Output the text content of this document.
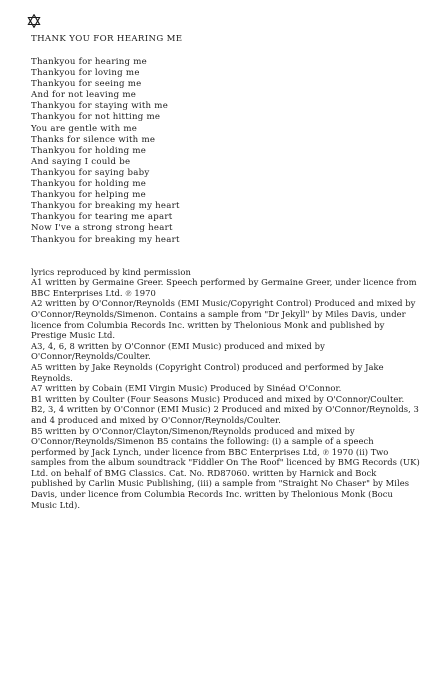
THANK YOU FOR HEARING ME
Thankyou for hearing me
Thankyou for loving me
Thankyou for seeing me
And for not leaving me
Thankyou for staying with me
Thankyou for not hitting me
You are gentle with me
Thanks for silence with me
Thankyou for holding me
And saying I could be
Thankyou for saying baby
Thankyou for holding me
Thankyou for helping me
Thankyou for breaking my heart
Thankyou for tearing me apart
Now I've a strong strong heart
Thankyou for breaking my heart

lyrics reproduced by kind permission

A1 written by Germaine Greer. Speech performed by Germaine Greer, under licence from BBC Enterprises Ltd. ℗ 1970

A2 written by O'Connor/Reynolds (EMI Music/Copyright Control) Produced and mixed by O'Connor/Reynolds/Simenon. Contains a sample from "Dr Jekyll" by Miles Davis, under licence from Columbia Records Inc. written by Thelonious Monk and published by Prestige Music Ltd.

A3, 4, 6, 8 written by O'Connor (EMI Music) produced and mixed by O'Connor/Reynolds/Coulter.

A5 written by Jake Reynolds (Copyright Control) produced and performed by Jake Reynolds.

A7 written by Cobain (EMI Virgin Music) Produced by Sinéad O'Connor.

B1 written by Coulter (Four Seasons Music) Produced and mixed by O'Connor/Coulter.

B2, 3, 4 written by O'Connor (EMI Music) 2 Produced and mixed by O'Connor/Reynolds, 3 and 4 produced and mixed by O'Connor/Reynolds/Coulter.

B5 written by O'Connor/Clayton/Simenon/Reynolds produced and mixed by O'Connor/Reynolds/Simenon B5 contains the following: (i) a sample of a speech performed by Jack Lynch, under licence from BBC Enterprises Ltd, ℗ 1970 (ii) Two samples from the album soundtrack "Fiddler On The Roof" licenced by BMG Records (UK) Ltd. on behalf of BMG Classics. Cat. No. RD87060. written by Harnick and Bock published by Carlin Music Publishing, (iii) a sample from "Straight No Chaser" by Miles Davis, under licence from Columbia Records Inc. written by Thelonious Monk (Bocu Music Ltd).
